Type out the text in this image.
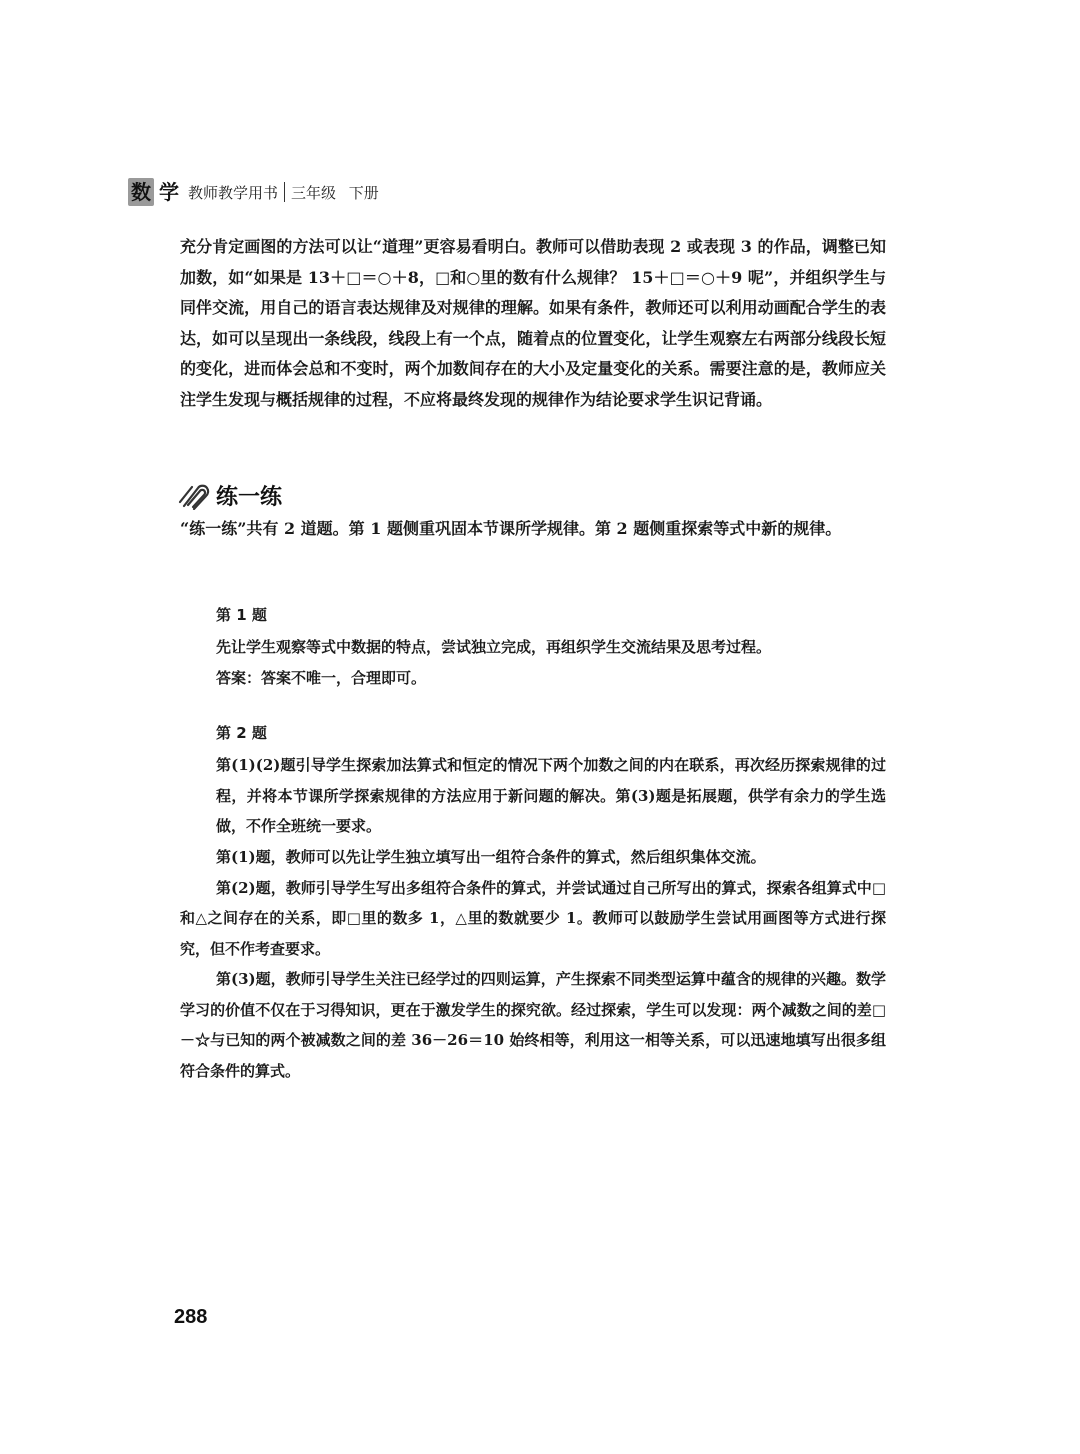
数 学 教师教学用书 三年级 下册
充分肯定画图的方法可以让“道理”更容易看明白。教师可以借助表现 2 或表现 3 的作品，调整已知加数，如“如果是 13＋□＝○＋8，□和○里的数有什么规律？ 15＋□＝○＋9 呢”，并组织学生与同伴交流，用自己的语言表达规律及对规律的理解。如果有条件，教师还可以利用动画配合学生的表达，如可以呈现出一条线段，线段上有一个点，随着点的位置变化，让学生观察左右两部分线段长短的变化，进而体会总和不变时，两个加数间存在的大小及定量变化的关系。需要注意的是，教师应关注学生发现与概括规律的过程，不应将最终发现的规律作为结论要求学生识记背诵。
练一练
“练一练”共有 2 道题。第 1 题侧重巩固本节课所学规律。第 2 题侧重探索等式中新的规律。
第 1 题

先让学生观察等式中数据的特点，尝试独立完成，再组织学生交流结果及思考过程。

答案：答案不唯一，合理即可。

第 2 题

第(1)(2)题引导学生探索加法算式和恒定的情况下两个加数之间的内在联系，再次经历探索规律的过程，并将本节课所学探索规律的方法应用于新问题的解决。第(3)题是拓展题，供学有余力的学生选做，不作全班统一要求。

第(1)题，教师可以先让学生独立填写出一组符合条件的算式，然后组织集体交流。

第(2)题，教师引导学生写出多组符合条件的算式，并尝试通过自己所写出的算式，探索各组算式中□和△之间存在的关系，即□里的数多 1，△里的数就要少 1。教师可以鼓励学生尝试用画图等方式进行探究，但不作考查要求。

第(3)题，教师引导学生关注已经学过的四则运算，产生探索不同类型运算中蕴含的规律的兴趣。数学学习的价值不仅在于习得知识，更在于激发学生的探究欲。经过探索，学生可以发现：两个减数之间的差□－☆与已知的两个被减数之间的差 36－26＝10 始终相等，利用这一相等关系，可以迅速地填写出很多组符合条件的算式。

288
